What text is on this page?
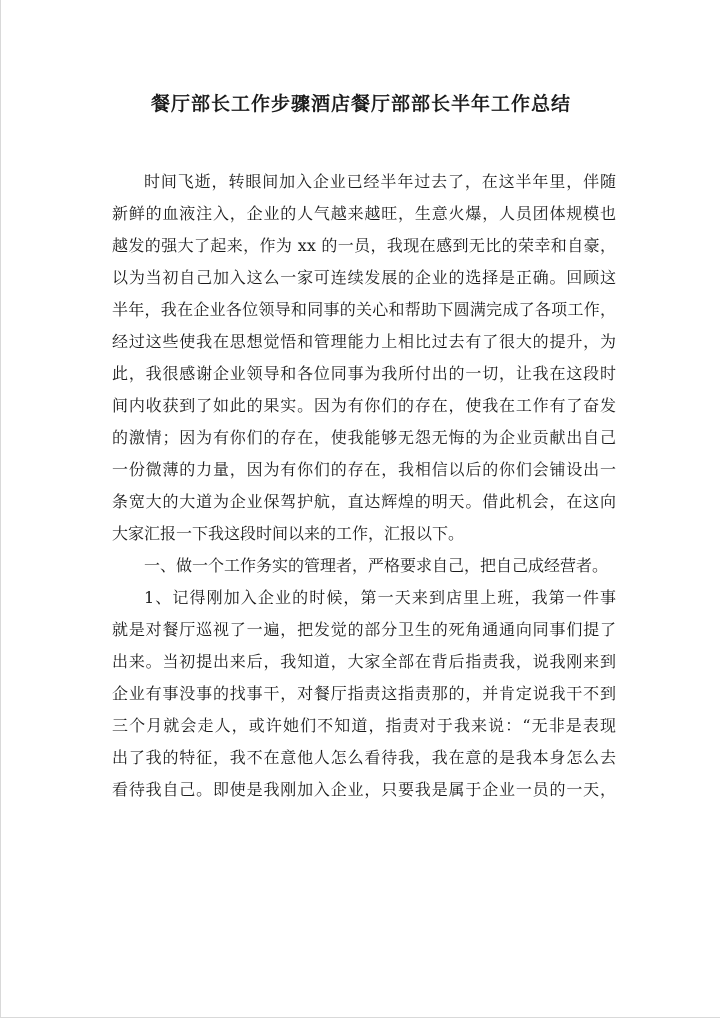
餐厅部长工作步骤酒店餐厅部部长半年工作总结
时间飞逝，转眼间加入企业已经半年过去了，在这半年里，伴随
新鲜的血液注入，企业的人气越来越旺，生意火爆，人员团体规模也
越发的强大了起来，作为 xx 的一员，我现在感到无比的荣幸和自豪，
以为当初自己加入这么一家可连续发展的企业的选择是正确。回顾这
半年，我在企业各位领导和同事的关心和帮助下圆满完成了各项工作，
经过这些使我在思想觉悟和管理能力上相比过去有了很大的提升，为
此，我很感谢企业领导和各位同事为我所付出的一切，让我在这段时
间内收获到了如此的果实。因为有你们的存在，使我在工作有了奋发
的激情；因为有你们的存在，使我能够无怨无悔的为企业贡献出自己
一份微薄的力量，因为有你们的存在，我相信以后的你们会铺设出一
条宽大的大道为企业保驾护航，直达辉煌的明天。借此机会，在这向
大家汇报一下我这段时间以来的工作，汇报以下。
一、做一个工作务实的管理者，严格要求自己，把自己成经营者。
1、记得刚加入企业的时候，第一天来到店里上班，我第一件事
就是对餐厅巡视了一遍，把发觉的部分卫生的死角通通向同事们提了
出来。当初提出来后，我知道，大家全部在背后指责我，说我刚来到
企业有事没事的找事干，对餐厅指责这指责那的，并肯定说我干不到
三个月就会走人，或许她们不知道，指责对于我来说：“无非是表现
出了我的特征，我不在意他人怎么看待我，我在意的是我本身怎么去
看待我自己。即使是我刚加入企业，只要我是属于企业一员的一天，
